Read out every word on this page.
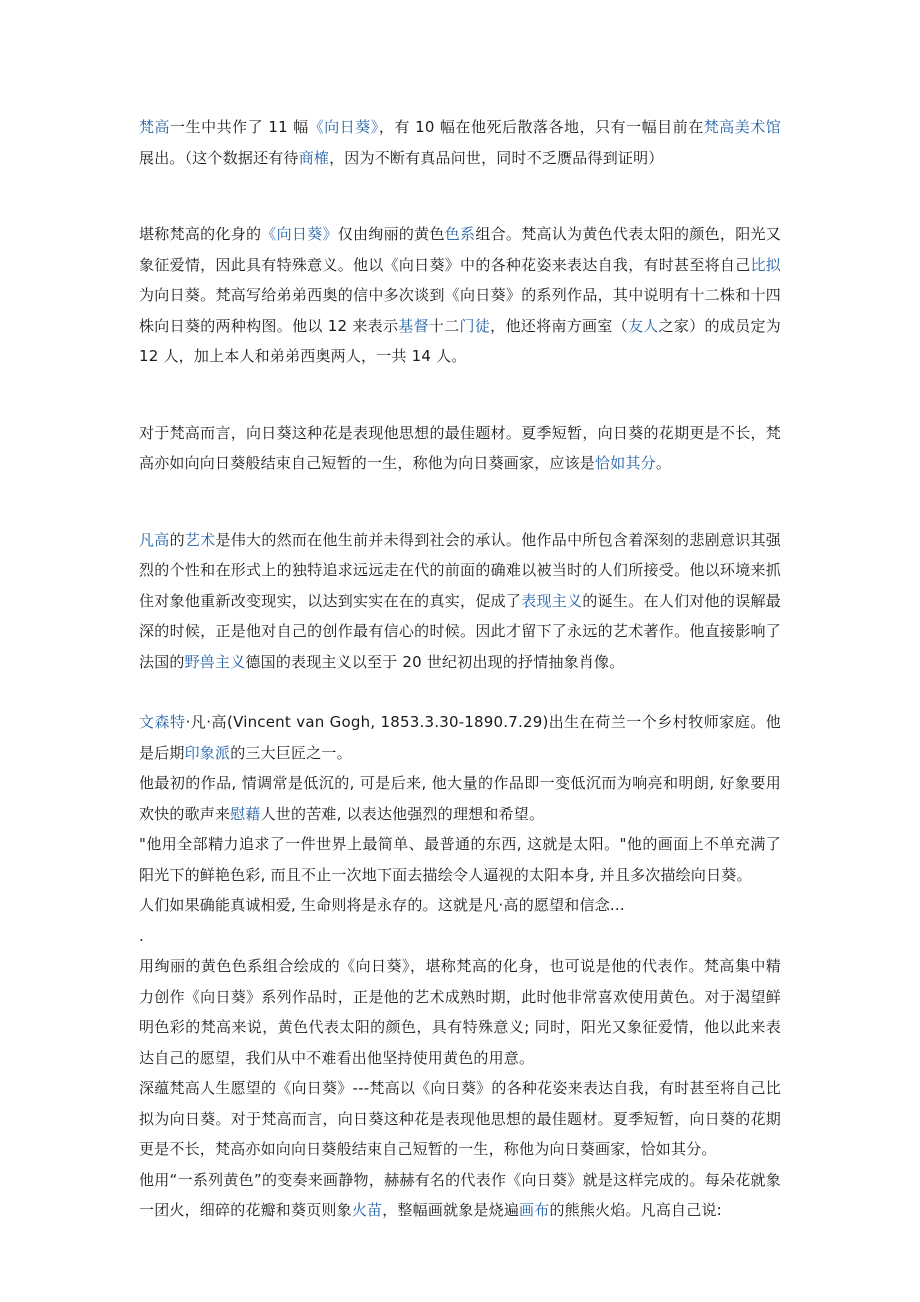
梵高一生中共作了 11 幅《向日葵》，有 10 幅在他死后散落各地，只有一幅目前在梵高美术馆展出。（这个数据还有待商榷，因为不断有真品问世，同时不乏赝品得到证明）

堪称梵高的化身的《向日葵》仅由绚丽的黄色色系组合。梵高认为黄色代表太阳的颜色，阳光又象征爱情，因此具有特殊意义。他以《向日葵》中的各种花姿来表达自我，有时甚至将自己比拟为向日葵。梵高写给弟弟西奥的信中多次谈到《向日葵》的系列作品，其中说明有十二株和十四株向日葵的两种构图。他以 12 来表示基督十二门徒，他还将南方画室（友人之家）的成员定为 12 人，加上本人和弟弟西奥两人，一共 14 人。

对于梵高而言，向日葵这种花是表现他思想的最佳题材。夏季短暂，向日葵的花期更是不长，梵高亦如向向日葵般结束自己短暂的一生，称他为向日葵画家，应该是恰如其分。

凡高的艺术是伟大的然而在他生前并未得到社会的承认。他作品中所包含着深刻的悲剧意识其强烈的个性和在形式上的独特追求远远走在代的前面的确难以被当时的人们所接受。他以环境来抓住对象他重新改变现实，以达到实实在在的真实，促成了表现主义的诞生。在人们对他的误解最深的时候，正是他对自己的创作最有信心的时候。因此才留下了永远的艺术著作。他直接影响了法国的野兽主义德国的表现主义以至于 20 世纪初出现的抒情抽象肖像。

文森特·凡·高(Vincent van Gogh, 1853.3.30-1890.7.29)出生在荷兰一个乡村牧师家庭。他是后期印象派的三大巨匠之一。

他最初的作品, 情调常是低沉的, 可是后来, 他大量的作品即一变低沉而为响亮和明朗, 好象要用欢快的歌声来慰藉人世的苦难, 以表达他强烈的理想和希望。

"他用全部精力追求了一件世界上最简单、最普通的东西, 这就是太阳。"他的画面上不单充满了阳光下的鲜艳色彩, 而且不止一次地下面去描绘令人逼视的太阳本身, 并且多次描绘向日葵。

人们如果确能真诚相爱, 生命则将是永存的。这就是凡·高的愿望和信念...

.

用绚丽的黄色色系组合绘成的《向日葵》，堪称梵高的化身，也可说是他的代表作。梵高集中精力创作《向日葵》系列作品时，正是他的艺术成熟时期，此时他非常喜欢使用黄色。对于渴望鲜明色彩的梵高来说，黄色代表太阳的颜色，具有特殊意义; 同时，阳光又象征爱情，他以此来表达自己的愿望，我们从中不难看出他坚持使用黄色的用意。

深蕴梵高人生愿望的《向日葵》---梵高以《向日葵》的各种花姿来表达自我，有时甚至将自己比拟为向日葵。对于梵高而言，向日葵这种花是表现他思想的最佳题材。夏季短暂，向日葵的花期更是不长，梵高亦如向向日葵般结束自己短暂的一生，称他为向日葵画家，恰如其分。

他用“一系列黄色”的变奏来画静物，赫赫有名的代表作《向日葵》就是这样完成的。每朵花就象一团火，细碎的花瓣和葵页则象火苗，整幅画就象是烧遍画布的熊熊火焰。凡高自己说:
